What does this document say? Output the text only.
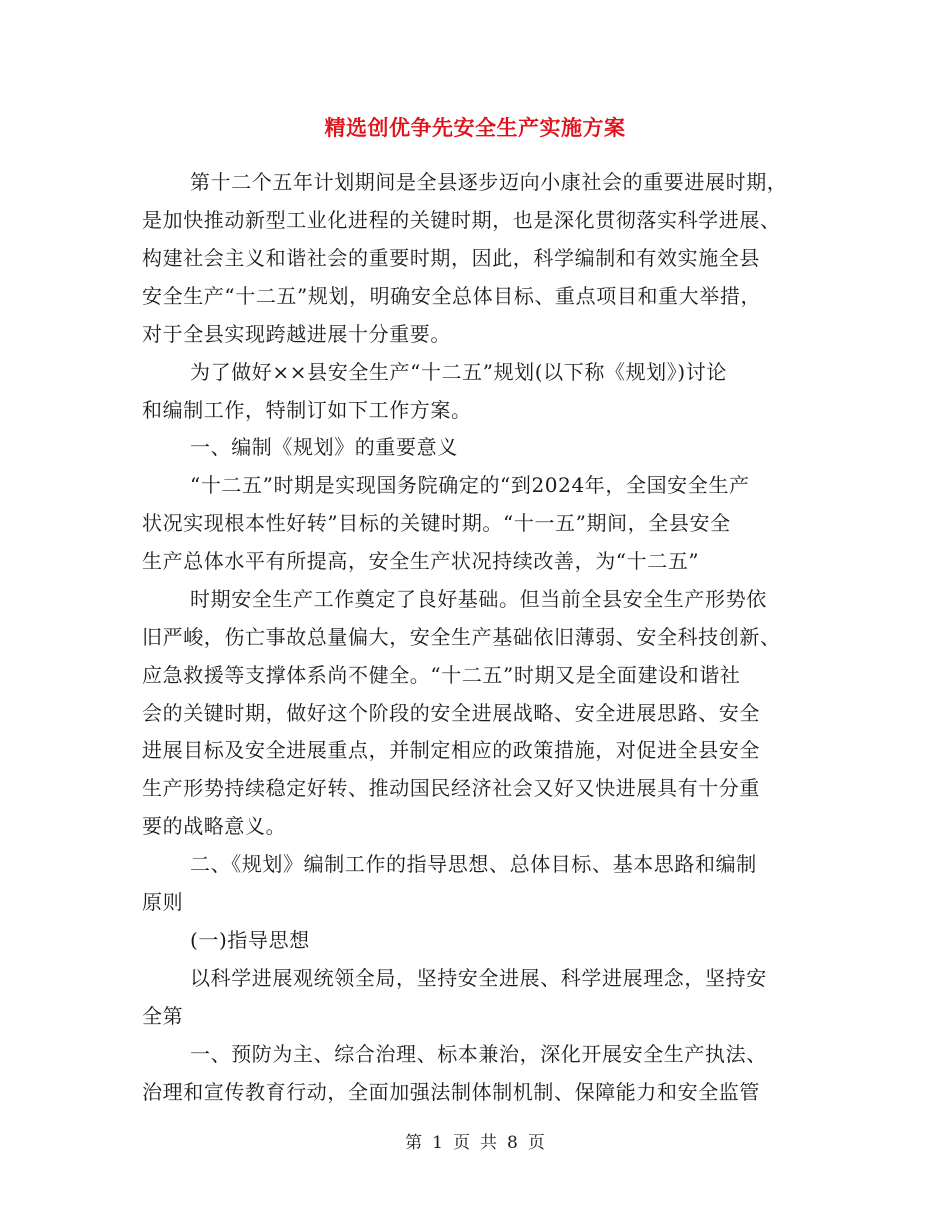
精选创优争先安全生产实施方案
第十二个五年计划期间是全县逐步迈向小康社会的重要进展时期，
是加快推动新型工业化进程的关键时期，也是深化贯彻落实科学进展、
构建社会主义和谐社会的重要时期，因此，科学编制和有效实施全县
安全生产“十二五”规划，明确安全总体目标、重点项目和重大举措，
对于全县实现跨越进展十分重要。
为了做好××县安全生产“十二五”规划(以下称《规划》)讨论
和编制工作，特制订如下工作方案。
一、编制《规划》的重要意义
“十二五”时期是实现国务院确定的“到2024年，全国安全生产
状况实现根本性好转”目标的关键时期。“十一五”期间，全县安全
生产总体水平有所提高，安全生产状况持续改善，为“十二五”
时期安全生产工作奠定了良好基础。但当前全县安全生产形势依
旧严峻，伤亡事故总量偏大，安全生产基础依旧薄弱、安全科技创新、
应急救援等支撑体系尚不健全。“十二五”时期又是全面建设和谐社
会的关键时期，做好这个阶段的安全进展战略、安全进展思路、安全
进展目标及安全进展重点，并制定相应的政策措施，对促进全县安全
生产形势持续稳定好转、推动国民经济社会又好又快进展具有十分重
要的战略意义。
二、《规划》编制工作的指导思想、总体目标、基本思路和编制
原则
(一)指导思想
以科学进展观统领全局，坚持安全进展、科学进展理念，坚持安
全第
一、预防为主、综合治理、标本兼治，深化开展安全生产执法、
治理和宣传教育行动，全面加强法制体制机制、保障能力和安全监管
第 1 页 共 8 页
